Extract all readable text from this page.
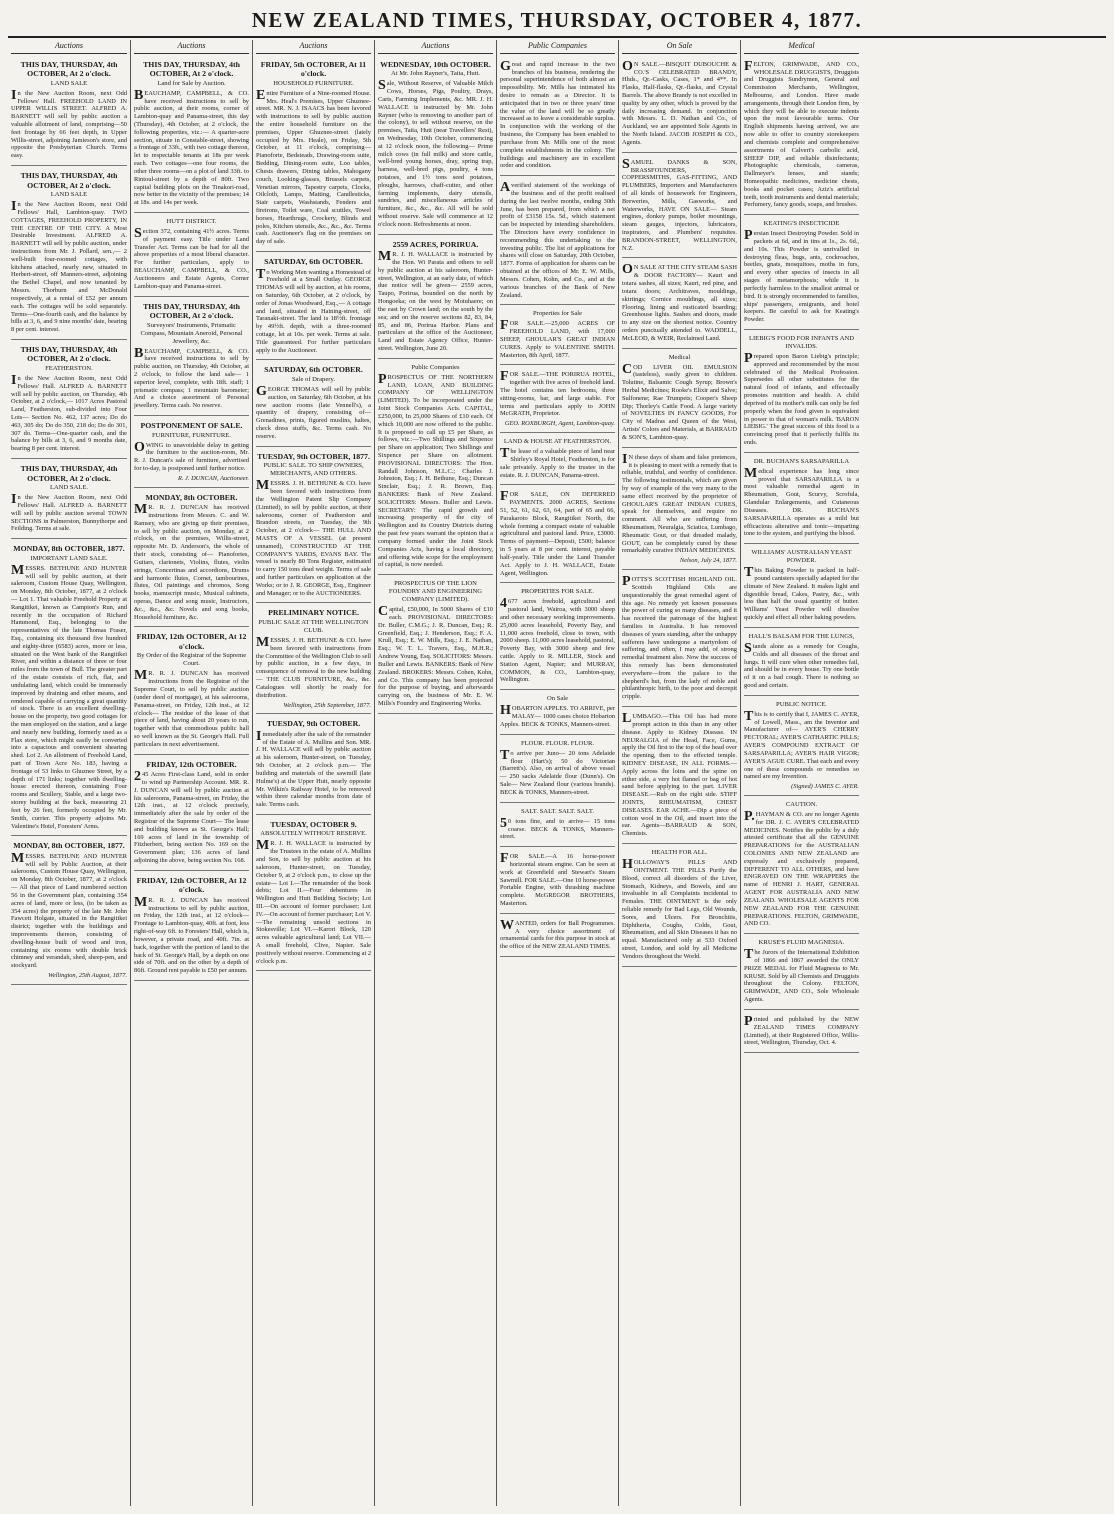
NEW ZEALAND TIMES, THURSDAY, OCTOBER 4, 1877.
Auctions
THIS DAY, THURSDAY, 4th OCTOBER, At 2 o'clock.
LAND SALE
In the New Auction Room, next Odd Fellows' Hall. FREEHOLD LAND IN UPPER WILLIS STREET. ALFRED A. BARNETT will sell by public auction a valuable allotment of land, comprising—50 feet frontage by 66 feet depth, in Upper Willis-street, adjoining Jamieson's store, and opposite the Presbyterian Church. Terms easy.
THIS DAY, THURSDAY, 4th OCTOBER, At 2 o'clock.
LAND SALE
In the New Auction Room, next Odd Fellows' Hall, Lambton-quay. TWO COTTAGES, FREEHOLD PROPERTY, IN THE CENTRE OF THE CITY. A Most Desirable Investment. ALFRED A. BARNETT will sell by public auction, under instructions from Mr. J. Pollard, sen.,— 2 well-built four-roomed cottages, with kitchens attached, nearly new, situated in Herbert-street, off Manners-street, adjoining the Bethel Chapel, and now tenanted by Messrs. Thorburn and McDonald respectively, at a rental of £52 per annum each. The cottages will be sold separately. Terms—One-fourth cash, and the balance by bills at 3, 6, and 9 nine months' date, bearing 8 per cent. interest.
THIS DAY, THURSDAY, 4th OCTOBER, At 2 o'clock.
FEATHERSTON.
In the New Auction Room, next Odd Fellows' Hall. ALFRED A. BARNETT will sell by public auction, on Thursday, 4th October, at 2 o'clock,— 1017 Acres Pastoral Land, Featherston, sub-divided into Four Lots— Section No. 462, 137 acres; Do do 463, 305 do; Do do 350, 218 do; Do do 301, 307 do. Terms—One-quarter cash, and the balance by bills at 3, 6, and 9 months date, bearing 8 per cent. interest.
THIS DAY, THURSDAY, 4th OCTOBER, At 2 o'clock.
LAND SALE.
In the New Auction Room, next Odd Fellows' Hall. ALFRED A. BARNETT will sell by public auction several TOWN SECTIONS in Palmerston, Bunnythorpe and Feilding. Terms at sale.
MONDAY, 8th OCTOBER, 1877.
IMPORTANT LAND SALE.
MESSRS. BETHUNE AND HUNTER will sell by public auction, at their saleroom, Custom House Quay, Wellington, on Monday, 8th October, 1877, at 2 o'clock— Lot 1. That valuable Freehold Property at Rangitikei, known as Campion's Run, and recently in the occupation of Richard Hammond, Esq., belonging to the representatives of the late Thomas Fraser, Esq., containing six thousand five hundred and eighty-three (6583) acres, more or less, situated on the West bank of the Rangitikei River, and within a distance of three or four miles from the town of Bull. The greater part of the estate consists of rich, flat, and undulating land, which could be immensely improved by draining and other means, and rendered capable of carrying a great quantity of stock. There is an excellent dwelling-house on the property, two good cottages for the men employed on the station, and a large and nearly new building, formerly used as a Flax store, which might easily be converted into a capacious and convenient shearing shed. Lot 2. An allotment of Freehold Land, part of Town Acre No. 183, having a frontage of 53 links to Ghuznee Street, by a depth of 171 links; together with dwelling-house erected thereon, containing Four rooms and Scullery, Stable, and a large two-storey building at the back, measuring 21 feet by 26 feet, formerly occupied by Mr. Smith, currier. This property adjoins Mr. Valentine's Hotel, Foresters' Arms.
MONDAY, 8th OCTOBER, 1877.
MESSRS. BETHUNE AND HUNTER will sell by Public Auction, at their salerooms, Custom House Quay, Wellington, on Monday, 8th October, 1877, at 2 o'clock— All that piece of Land numbered section 56 in the Government plan, containing 354 acres of land, more or less, (to be taken as 354 acres) the property of the late Mr. John Fawcett Holgate, situated in the Rangitikei district; together with the buildings and improvements thereon, consisting of dwelling-house built of wood and iron, containing six rooms with double brick chimney and verandah, shed, sheep-pen, and stockyard.
Wellington, 25th August, 1877.
Auctions
THIS DAY, THURSDAY, 4th OCTOBER, At 2 o'clock.
Land for Sale by Auction.
BEAUCHAMP, CAMPBELL, & CO. have received instructions to sell by public auction, at their rooms, corner of Lambton-quay and Panama-street, this day (Thursday), 4th October, at 2 o'clock, the following properties, viz.:— A quarter-acre section, situate in Constable-street, showing a frontage of 33ft., with two cottage thereon, let to respectable tenants at 18s per week each. Two cottages—one four rooms, the other three rooms—on a plot of land 33ft. to Rintoul-street by a depth of 80ft. Two capital building plots on the Tinakori-road, now better in the vicinity of the premises; 14 at 18s. and 14s per week.
HUTT DISTRICT.
Section 372, containing 41½ acres. Terms of payment easy. Title under Land Transfer Act. Terms can be had for all the above properties of a most liberal character. For further particulars, apply to BEAUCHAMP, CAMPBELL, & CO., Auctioneers and Estate Agents, Corner Lambton-quay and Panama-street.
THIS DAY, THURSDAY, 4th OCTOBER, At 2 o'clock.
Surveyors' Instruments, Prismatic Compass, Mountain Aneroid, Personal Jewellery, &c.
BEAUCHAMP, CAMPBELL, & CO. have received instructions to sell by public auction, on Thursday, 4th October, at 2 o'clock, to follow the land sale— 1 superior level, complete, with 18ft. staff; 1 prismatic compass; 1 mountain barometer; And a choice assortment of Personal jewellery. Terms cash. No reserve.
POSTPONEMENT OF SALE.
FURNITURE, FURNITURE.
OWING to unavoidable delay in getting the furniture to the auction-room, Mr. R. J. Duncan's sale of furniture, advertised for to-day, is postponed until further notice.
R. J. DUNCAN, Auctioneer.
MONDAY, 8th OCTOBER.
MR. R. J. DUNCAN has received instructions from Messrs. C. and W. Ramsey, who are giving up their premises, to sell by public auction, on Monday, at 2 o'clock, on the premises, Willis-street, opposite Mr. D. Anderson's, the whole of their stock, consisting of— Pianofortes, Guitars, clarionets, Violins, flutes, violin strings, Concertinas and accordions, Drums and harmonic flutes, Cornet, tambourines, flutes, Oil paintings and chromos, Song books, manuscript music, Musical cabinets, operas, Dance and song music, Instructors, &c., &c., &c. Novels and song books, Household furniture, &c.
FRIDAY, 12th OCTOBER, At 12 o'clock.
By Order of the Registrar of the Supreme Court.
MR. R. J. DUNCAN has received instructions from the Registrar of the Supreme Court, to sell by public auction (under deed of mortgage), at his salerooms, Panama-street, on Friday, 12th inst., at 12 o'clock— The residue of the lease of that piece of land, having about 20 years to run, together with that commodious public hall so well known as the St. George's Hall. Full particulars in next advertisement.
FRIDAY, 12th OCTOBER.
245 Acres First-class Land, sold in order to wind up Partnership Account. MR. R. J. DUNCAN will sell by public auction at his salerooms, Panama-street, on Friday, the 12th inst., at 12 o'clock precisely, immediately after the sale by order of the Registrar of the Supreme Court— The lease and building known as St. George's Hall; 169 acres of land in the township of Fitzherbert, being section No. 169 on the Government plan; 136 acres of land adjoining the above, being section No. 168.
FRIDAY, 12th OCTOBER, At 12 o'clock.
MR. R. J. DUNCAN has received instructions to sell by public auction, on Friday, the 12th inst., at 12 o'clock— Frontage to Lambton-quay, 40ft. at foot, less right-of-way 6ft. to Foresters' Hall, which is, however, a private road, and 40ft. 7in. at back, together with the portion of land to the back of St. George's Hall, by a depth on one side of 70ft. and on the other by a depth of 86ft. Ground rent payable is £50 per annum.
Auctions
FRIDAY, 5th OCTOBER, At 11 o'clock.
HOUSEHOLD FURNITURE.
Entire Furniture of a Nine-roomed House. Mrs. Heal's Premises, Upper Ghuznee-street. MR. N. J. ISAACS has been favored with instructions to sell by public auction the entire household furniture on the premises, Upper Ghuznee-street (lately occupied by Mrs. Heale), on Friday, 5th October, at 11 o'clock, comprising— Pianoforte, Bedsteads, Drawing-room suite, Bedding, Dining-room suite, Loo tables, Chests drawers, Dining tables, Mahogany couch, Looking-glasses, Brussels carpets, Venetian mirrors, Tapestry carpets, Clocks, Oilcloth, Lamps, Matting, Candlesticks, Stair carpets, Washstands, Fenders and fireirons, Toilet ware, Coal scuttles, Towel horses, Hearthrugs, Crockery, Blinds and poles, Kitchen utensils, &c., &c., &c. Terms cash. Auctioneer's flag on the premises on day of sale.
SATURDAY, 6th OCTOBER.
To Working Men wanting a Homestead of Freehold at a Small Outlay. GEORGE THOMAS will sell by auction, at his rooms, on Saturday, 6th October, at 2 o'clock, by order of Jonas Woodward, Esq.,— A cottage and land, situated in Haining-street, off Taranaki-street. The land is 18½ft. frontage by 49½ft. depth, with a three-roomed cottage, let at 10s. per week. Terms at sale. Title guaranteed. For further particulars apply to the Auctioneer.
SATURDAY, 6th OCTOBER.
Sale of Drapery.
GEORGE THOMAS will sell by public auction, on Saturday, 6th October, at his new auction rooms (late Vennell's), a quantity of drapery, consisting of— Grenadines, prints, figured muslins, haltes, check dress stuffs, &c. Terms cash. No reserve.
TUESDAY, 9th OCTOBER, 1877.
PUBLIC SALE. TO SHIP OWNERS, MERCHANTS, AND OTHERS.
MESSRS. J. H. BETHUNE & CO. have been favored with instructions from the Wellington Patent Slip Company (Limited), to sell by public auction, at their salerooms, corner of Featherston and Brandon streets, on Tuesday, the 9th October, at 2 o'clock— THE HULL AND MASTS OF A VESSEL (at present unnamed), CONSTRUCTED AT THE COMPANY'S YARDS, EVANS BAY. The vessel is nearly 80 Tons Register, estimated to carry 150 tons dead weight. Terms of sale and further particulars on application at the Works; or to J. R. GEORGE, Esq., Engineer and Manager; or to the AUCTIONEERS.
PRELIMINARY NOTICE.
PUBLIC SALE AT THE WELLINGTON CLUB.
MESSRS. J. H. BETHUNE & CO. have been favored with instructions from the Committee of the Wellington Club to sell by public auction, in a few days, in consequence of removal to the new building— THE CLUB FURNITURE, &c., &c. Catalogues will shortly be ready for distribution.
Wellington, 25th September, 1877.
TUESDAY, 9th OCTOBER.
Immediately after the sale of the remainder of the Estate of A. Mullins and Son. MR. J. H. WALLACE will sell by public auction at his saleroom, Hunter-street, on Tuesday, 9th October, at 2 o'clock p.m.— The building and materials of the sawmill (late Hulme's) at the Upper Hutt, nearly opposite Mr. Wilkin's Railway Hotel, to be removed within three calendar months from date of sale. Terms cash.
TUESDAY, OCTOBER 9.
ABSOLUTELY WITHOUT RESERVE.
MR. J. H. WALLACE is instructed by the Trustees in the estate of A. Mullins and Son, to sell by public auction at his saleroom, Hunter-street, on Tuesday, October 9, at 2 o'clock p.m., to close up the estate— Lot I.—The remainder of the book debts; Lot II.—Four debentures in Wellington and Hutt Building Society; Lot III.—On account of former purchaser; Lot IV.—On account of former purchaser; Lot V.—The remaining unsold sections in Stokesville; Lot VI.—Karori Block, 120 acres valuable agricultural land; Lot VII.—A small freehold, Clive, Napier. Sale positively without reserve. Commencing at 2 o'clock p.m.
Auctions
WEDNESDAY, 10th OCTOBER.
At Mr. John Rayner's, Taita, Hutt.
Sale, Without Reserve, of Valuable Milch Cows, Horses, Pigs, Poultry, Drays, Carts, Farming Implements, &c. MR. J. H. WALLACE is instructed by Mr. John Rayner (who is removing to another part of the colony), to sell without reserve, on the premises, Taita, Hutt (near Travellers' Rest), on Wednesday, 10th October, commencing at 12 o'clock noon, the following— Prime milch cows (in full milk) and store cattle, well-bred young horses, dray, spring trap, harness, well-bred pigs, poultry, 4 tons potatoes, and 1½ tons seed potatoes, ploughs, harrows, chaff-cutter, and other farming implements, dairy utensils, sundries, and miscellaneous articles of furniture, &c., &c., &c. All will be sold without reserve. Sale will commence at 12 o'clock noon. Refreshments at noon.
2559 ACRES, PORIRUA.
MR. J. H. WALLACE is instructed by the Hon. Wi Parata and others to sell by public auction at his saleroom, Hunter-street, Wellington, at an early date, of which due notice will be given— 2559 acres, Taupo, Porirua, bounded on the north by Hongoeka; on the west by Motuhaere; on the east by Crown land; on the south by the sea; and on the reserve sections 82, 83, 84, 85, and 86, Porirua Harbor. Plans and particulars at the office of the Auctioneer, Land and Estate Agency Office, Hunter-street. Wellington, June 20.
Public Companies
PROSPECTUS OF THE NORTHERN LAND, LOAN, AND BUILDING COMPANY OF WELLINGTON (LIMITED). To be incorporated under the Joint Stock Companies Acts. CAPITAL, £250,000, In 25,000 Shares of £10 each. Of which 10,000 are now offered to the public. It is proposed to call up £5 per Share, as follows, viz.:—Two Shillings and Sixpence per Share on application; Two Shillings and Sixpence per Share on allotment. PROVISIONAL DIRECTORS: The Hon. Randall Johnson, M.L.C.; Charles J. Johnston, Esq.; J. H. Bethune, Esq.; Duncan Sinclair, Esq.; J. R. Brown, Esq. BANKERS: Bank of New Zealand. SOLICITORS: Messrs. Buller and Lewis. SECRETARY: The rapid growth and increasing prosperity of the city of Wellington and its Country Districts during the past few years warrant the opinion that a company formed under the Joint Stock Companies Acts, having a local directory, and offering wide scope for the employment of capital, is now needed.
PROSPECTUS OF THE LION FOUNDRY AND ENGINEERING COMPANY (LIMITED).
Capital, £50,000, In 5000 Shares of £10 each. PROVISIONAL DIRECTORS: Dr. Buller, C.M.G.; J. R. Duncan, Esq.; R. Greenfield, Esq.; J. Henderson, Esq.; F. A. Krull, Esq.; E. W. Mills, Esq.; J. E. Nathan, Esq.; W. T. L. Travers, Esq., M.H.R.; Andrew Young, Esq. SOLICITORS: Messrs. Buller and Lewis. BANKERS: Bank of New Zealand. BROKERS: Messrs. Cohen, Kohn, and Co. This company has been projected for the purpose of buying, and afterwards carrying on, the business of Mr. E. W. Mills's Foundry and Engineering Works.
Public Companies
Great and rapid increase in the two branches of his business, rendering the personal superintendence of both almost an impossibility. Mr. Mills has intimated his desire to remain as a Director. It is anticipated that in two or three years' time the value of the land will be so greatly increased as to leave a considerable surplus. In conjunction with the working of the business, the Company has been enabled to purchase from Mr. Mills one of the most complete establishments in the colony. The buildings and machinery are in excellent order and condition.
Averified statement of the workings of the business and of the profit realised during the last twelve months, ending 30th June, has been prepared, from which a net profit of £3158 15s. 5d., which statement can be inspected by intending shareholders. The Directors have every confidence in recommending this undertaking to the investing public. The list of applications for shares will close on Saturday, 20th October, 1877. Forms of application for shares can be obtained at the offices of Mr. E. W. Mills, Messrs. Cohen, Kohn, and Co., and at the various branches of the Bank of New Zealand.
Properties for Sale
FOR SALE.—25,000 ACRES OF FREEHOLD LAND, with 17,000 SHEEP, GHOULAR'S GREAT INDIAN CURES. Apply to VALENTINE SMITH. Masterton, 8th April, 1877.
FOR SALE.—THE PORIRUA HOTEL, together with five acres of freehold land. The hotel contains ten bedrooms, three sitting-rooms, bar, and large stable. For terms and particulars apply to JOHN McGRATH, Proprietor.
GEO. ROXBURGH, Agent, Lambton-quay.
LAND & HOUSE AT FEATHERSTON.
The lease of a valuable piece of land near Shirley's Royal Hotel, Featherston, is for sale privately. Apply to the trustee in the estate. R. J. DUNCAN, Panama-street.
FOR SALE, ON DEFERRED PAYMENTS. 2000 ACRES, Sections 51, 52, 61, 62, 63, 64, part of 65 and 66, Parakaroto Block, Rangitikei North, the whole forming a compact estate of valuable agricultural and pastoral land. Price, £3000. Terms of payment—Deposit, £500; balance in 5 years at 8 per cent. interest, payable half-yearly. Title under the Land Transfer Act. Apply to J. H. WALLACE, Estate Agent, Wellington.
PROPERTIES FOR SALE.
4677 acres freehold, agricultural and pastoral land, Wairoa, with 3000 sheep and other necessary working improvements. 25,000 acres leasehold, Poverty Bay, and 11,000 acres freehold, close to town, with 2000 sheep. 11,000 acres leasehold, pastoral, Poverty Bay, with 3000 sheep and few cattle. Apply to R. MILLER, Stock and Station Agent, Napier; and MURRAY, COMMON, & CO., Lambton-quay, Wellington.
On Sale
HOBARTON APPLES. TO ARRIVE, per MALAY— 1000 cases choice Hobarton Apples. BECK & TONKS, Manners-street.
FLOUR. FLOUR. FLOUR.
To arrive per Juno— 20 tons Adelaide flour (Hart's); 50 do Victorian (Barrett's). Also, on arrival of above vessel— 250 sacks Adelaide flour (Dunn's). On Sale— New Zealand flour (various brands). BECK & TONKS, Manners-street.
SALT. SALT. SALT. SALT.
50 tons fine, and to arrive— 15 tons coarse. BECK & TONKS, Manners-street.
FOR SALE.—A 16 horse-power horizontal steam engine. Can be seen at work at Greenfield and Stewart's Steam Sawmill. FOR SALE.—One 10 horse-power Portable Engine, with thrashing machine complete. McGREGOR BROTHERS, Masterton.
WANTED, orders for Ball Programmes. A very choice assortment of ornamental cards for this purpose in stock at the office of the NEW ZEALAND TIMES.
On Sale
ON SALE.—BISQUIT DUBOUCHE & CO.'S CELEBRATED BRANDY, Hhds., Qr.-Casks, Cases, 1* and 4**. In Flasks, Half-flasks, Qr.-flasks, and Crystal Barrels. The above Brandy is not excelled in quality by any other, which is proved by the daily increasing demand. In conjunction with Messrs. L. D. Nathan and Co., of Auckland, we are appointed Sole Agents in the North Island. JACOB JOSEPH & CO., Agents.
SAMUEL DANKS & SON, BRASSFOUNDERS, COPPERSMITHS, GAS-FITTING, AND PLUMBERS, Importers and Manufacturers of all kinds of housework for Engineers, Breweries, Mills, Gasworks, and Waterworks, HAVE ON SALE— Steam engines, donkey pumps, boiler mountings, steam gauges, injectors, lubricators, inspirators, and Plumbers' requisites. BRANDON-STREET, WELLINGTON, N.Z.
ON SALE AT THE CITY STEAM SASH & DOOR FACTORY— Kauri and totara sashes, all sizes; Kauri, red pine, and totara doors; Architraves, mouldings, skirtings; Cornice mouldings, all sizes; Flooring, lining and rusticated boarding; Greenhouse lights. Sashes and doors, made to any size on the shortest notice. Country orders punctually attended to. WADDELL, McLEOD, & WEIR, Reclaimed Land.
Medical
COD LIVER OIL EMULSION (tasteless), easily given to children. Tolutine, Balsamic Cough Syrup; Brown's Herbal Medicines; Rooke's Elixir and Salve; Sulfonene; Rae Trumpets; Cooper's Sheep Dip; Thorley's Cattle Food. A large variety of NOVELTIES IN FANCY GOODS, For City of Madras and Queen of the West, Artists' Colors and Materials, at BARRAUD & SON'S, Lambton-quay.
IN these days of sham and false pretences, it is pleasing to meet with a remedy that is reliable, truthful, and worthy of confidence. The following testimonials, which are given by way of example of the very many to the same effect received by the proprietor of GHOULAR'S GREAT INDIAN CURES, speak for themselves, and require no comment. All who are suffering from Rheumatism, Neuralgia, Sciatica, Lumbago, Rheumatic Gout, or that dreaded malady, GOUT, can be completely cured by these remarkably curative INDIAN MEDICINES.
Nelson, July 24, 1877.
POTTS'S SCOTTISH HIGHLAND OIL. Scottish Highland Oils are unquestionably the great remedial agent of this age. No remedy yet known possesses the power of curing so many diseases, and it has received the patronage of the highest families in Australia. It has removed diseases of years standing, after the unhappy sufferers have undergone a martyrdom of suffering, and often, I may add, of strong remedial treatment also. Now the success of this remedy has been demonstrated everywhere—from the palace to the shepherd's hut, from the lady of noble and philanthropic birth, to the poor and decrepit cripple.
LUMBAGO.—This Oil has had more prompt action in this than in any other disease. Apply to Kidney Disease. IN NEURALGIA of the Head, Face, Gums, apply the Oil first to the top of the head over the opening, then to the effected temple. KIDNEY DISEASE, IN ALL FORMS.—Apply across the loins and the spine on either side, a very hot flannel or bag of hot sand before applying to the part. LIVER DISEASE.—Rub on the right side. STIFF JOINTS, RHEUMATISM, CHEST DISEASES. EAR ACHE.—Dip a piece of cotton wool in the Oil, and insert into the ear. Agents—BARRAUD & SON, Chemists.
HEALTH FOR ALL.
HOLLOWAY'S PILLS AND OINTMENT. THE PILLS Purify the Blood, correct all disorders of the Liver, Stomach, Kidneys, and Bowels, and are invaluable in all Complaints incidental to Females. THE OINTMENT is the only reliable remedy for Bad Legs, Old Wounds, Sores, and Ulcers. For Bronchitis, Diphtheria, Coughs, Colds, Gout, Rheumatism, and all Skin Diseases it has no equal. Manufactured only at 533 Oxford street, London, and sold by all Medicine Vendors throughout the World.
Medical
FELTON, GRIMWADE, AND CO., WHOLESALE DRUGGISTS, Druggists and Druggists Sundrymen, General and Commission Merchants, Wellington, Melbourne, and London. Have made arrangements, through their London firm, by which they will be able to execute indents upon the most favourable terms. Our English shipments having arrived, we are now able to offer to country storekeepers and chemists complete and comprehensive assortments of Calvert's carbolic acid, SHEEP DIP, and reliable disinfectants; Photographic chemicals, cameras, Dallmeyer's lenses, and stands; Homeopathic medicines, medicine chests, books and pocket cases; Aziz's artificial teeth, tooth instruments and dental materials; Perfumery, fancy goods, soaps, and brushes.
KEATING'S INSECTICIDE
Persian Insect Destroying Powder. Sold in packets at 6d, and in tins at 1s., 2s. 6d., and 10s. This Powder is unrivalled in destroying fleas, bugs, ants, cockroaches, beetles, gnats, mosquitoes, moths in furs, and every other species of insects in all stages of metamorphosis; while it is perfectly harmless to the smallest animal or bird. It is strongly recommended to families, ships' passengers, emigrants, and hotel keepers. Be careful to ask for Keating's Powder.
LIEBIG'S FOOD FOR INFANTS AND INVALIDS.
Prepared upon Baron Liebig's principle; approved and recommended by the most celebrated of the Medical Profession. Supersedes all other substitutes for the natural food of infants, and effectually promotes nutrition and health. A child deprived of its mother's milk can only be fed properly when the food given is equivalent in power to that of woman's milk. 'BARON LIEBIG.' The great success of this food is a convincing proof that it perfectly fulfils its ends.
DR. BUCHAN'S SARSAPARILLA
Medical experience has long since proved that SARSAPARILLA is a most valuable remedial agent in Rheumatism, Gout, Scurvy, Scrofula, Glandular Enlargements, and Cutaneous Diseases. DR. BUCHAN'S SARSAPARILLA operates as a mild but efficacious alterative and tonic—imparting tone to the system, and purifying the blood.
WILLIAMS' AUSTRALIAN YEAST POWDER.
This Baking Powder is packed in half-pound canisters specially adapted for the climate of New Zealand. It makes light and digestible bread, Cakes, Pastry, &c., with less than half the usual quantity of butter. Williams' Yeast Powder will dissolve quickly and effect all other baking powders.
HALL'S BALSAM FOR THE LUNGS,
Stands alone as a remedy for Coughs, Colds and all diseases of the throat and lungs. It will cure when other remedies fail, and should be in every house. Try one bottle of it on a bad cough. There is nothing so good and certain.
PUBLIC NOTICE.
This is to certify that I, JAMES C. AYER, of Lowell, Mass., am the Inventor and Manufacturer of— AYER'S CHERRY PECTORAL; AYER'S CATHARTIC PILLS; AYER'S COMPOUND EXTRACT OF SARSAPARILLA; AYER'S HAIR VIGOR; AYER'S AGUE CURE. That each and every one of these compounds or remedies so named are my Invention.
(Signed) JAMES C. AYER.
CAUTION.
P.HAYMAN & CO. are no longer Agents for DR. J. C. AYER'S CELEBRATED MEDICINES. Notifies the public by a duly attested certificate that all the GENUINE PREPARATIONS for the AUSTRALIAN COLONIES AND NEW ZEALAND are expressly and exclusively prepared, DIFFERENT TO ALL OTHERS, and have ENGRAVED ON THE WRAPPERS the name of HENRI J. HART, GENERAL AGENT FOR AUSTRALIA AND NEW ZEALAND. WHOLESALE AGENTS FOR NEW ZEALAND FOR THE GENUINE PREPARATIONS. FELTON, GRIMWADE, AND CO.
KRUSE'S FLUID MAGNESIA.
The Jurors of the International Exhibition of 1866 and 1867 awarded the ONLY PRIZE MEDAL for Fluid Magnesia to Mr. KRUSE. Sold by all Chemists and Druggists throughout the Colony. FELTON, GRIMWADE, AND CO., Sole Wholesale Agents.
Printed and published by the NEW ZEALAND TIMES COMPANY (Limited), at their Registered Office, Willis-street, Wellington, Thursday, Oct. 4.
